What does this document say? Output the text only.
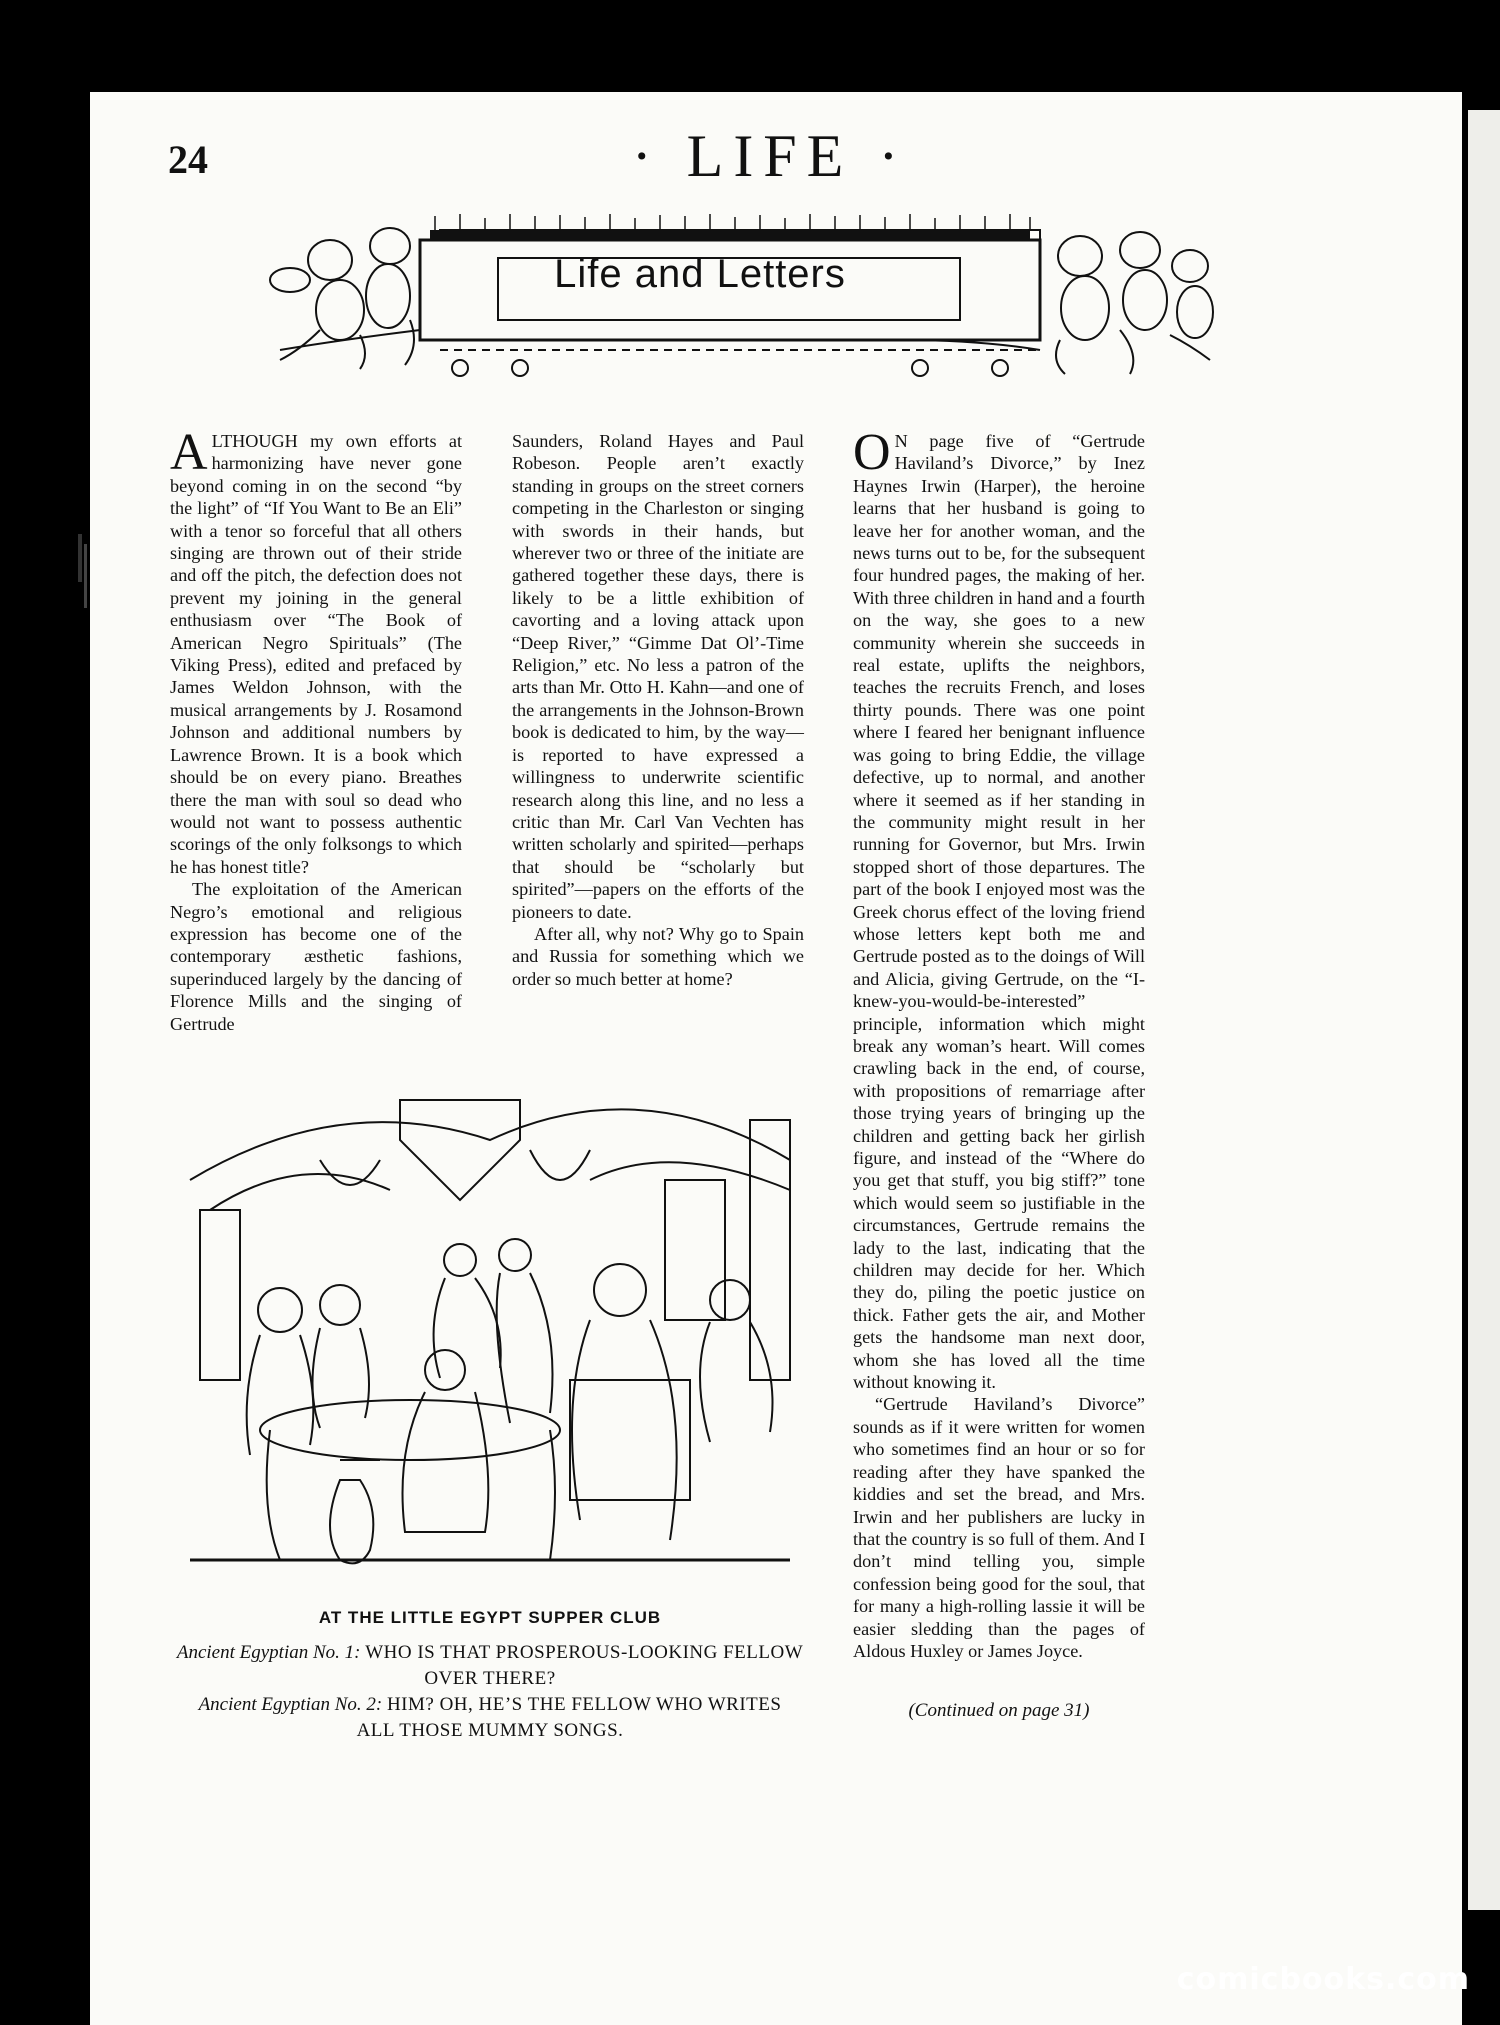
24	· LIFE ·
Life and Letters

ALTHOUGH my own efforts at harmonizing have never gone beyond coming in on the second “by the light” of “If You Want to Be an Eli” with a tenor so forceful that all others singing are thrown out of their stride and off the pitch, the defection does not prevent my joining in the general enthusiasm over “The Book of American Negro Spirituals” (The Viking Press), edited and prefaced by James Weldon Johnson, with the musical arrangements by J. Rosamond Johnson and additional numbers by Lawrence Brown. It is a book which should be on every piano. Breathes there the man with soul so dead who would not want to possess authentic scorings of the only folksongs to which he has honest title?

The exploitation of the American Negro’s emotional and religious expression has become one of the contemporary æsthetic fashions, superinduced largely by the dancing of Florence Mills and the singing of Gertrude

Saunders, Roland Hayes and Paul Robeson. People aren’t exactly standing in groups on the street corners competing in the Charleston or singing with swords in their hands, but wherever two or three of the initiate are gathered together these days, there is likely to be a little exhibition of cavorting and a loving attack upon “Deep River,” “Gimme Dat Ol’-Time Religion,” etc. No less a patron of the arts than Mr. Otto H. Kahn—and one of the arrangements in the Johnson-Brown book is dedicated to him, by the way—is reported to have expressed a willingness to underwrite scientific research along this line, and no less a critic than Mr. Carl Van Vechten has written scholarly and spirited—perhaps that should be “scholarly but spirited”—papers on the efforts of the pioneers to date.

After all, why not? Why go to Spain and Russia for something which we order so much better at home?

ON page five of “Gertrude Haviland’s Divorce,” by Inez Haynes Irwin (Harper), the heroine learns that her husband is going to leave her for another woman, and the news turns out to be, for the subsequent four hundred pages, the making of her. With three children in hand and a fourth on the way, she goes to a new community wherein she succeeds in real estate, uplifts the neighbors, teaches the recruits French, and loses thirty pounds. There was one point where I feared her benignant influence was going to bring Eddie, the village defective, up to normal, and another where it seemed as if her standing in the community might result in her running for Governor, but Mrs. Irwin stopped short of those departures. The part of the book I enjoyed most was the Greek chorus effect of the loving friend whose letters kept both me and Gertrude posted as to the doings of Will and Alicia, giving Gertrude, on the “I-knew-you-would-be-interested” principle, information which might break any woman’s heart. Will comes crawling back in the end, of course, with propositions of remarriage after those trying years of bringing up the children and getting back her girlish figure, and instead of the “Where do you get that stuff, you big stiff?” tone which would seem so justifiable in the circumstances, Gertrude remains the lady to the last, indicating that the children may decide for her. Which they do, piling the poetic justice on thick. Father gets the air, and Mother gets the handsome man next door, whom she has loved all the time without knowing it.

“Gertrude Haviland’s Divorce” sounds as if it were written for women who sometimes find an hour or so for reading after they have spanked the kiddies and set the bread, and Mrs. Irwin and her publishers are lucky in that the country is so full of them. And I don’t mind telling you, simple confession being good for the soul, that for many a high-rolling lassie it will be easier sledding than the pages of Aldous Huxley or James Joyce.

(Continued on page 31)
AT THE LITTLE EGYPT SUPPER CLUB
Ancient Egyptian No. 1: WHO IS THAT PROSPEROUS-LOOKING FELLOW OVER THERE?
Ancient Egyptian No. 2: HIM? OH, HE’S THE FELLOW WHO WRITES
ALL THOSE MUMMY SONGS.
comicbooks.com
